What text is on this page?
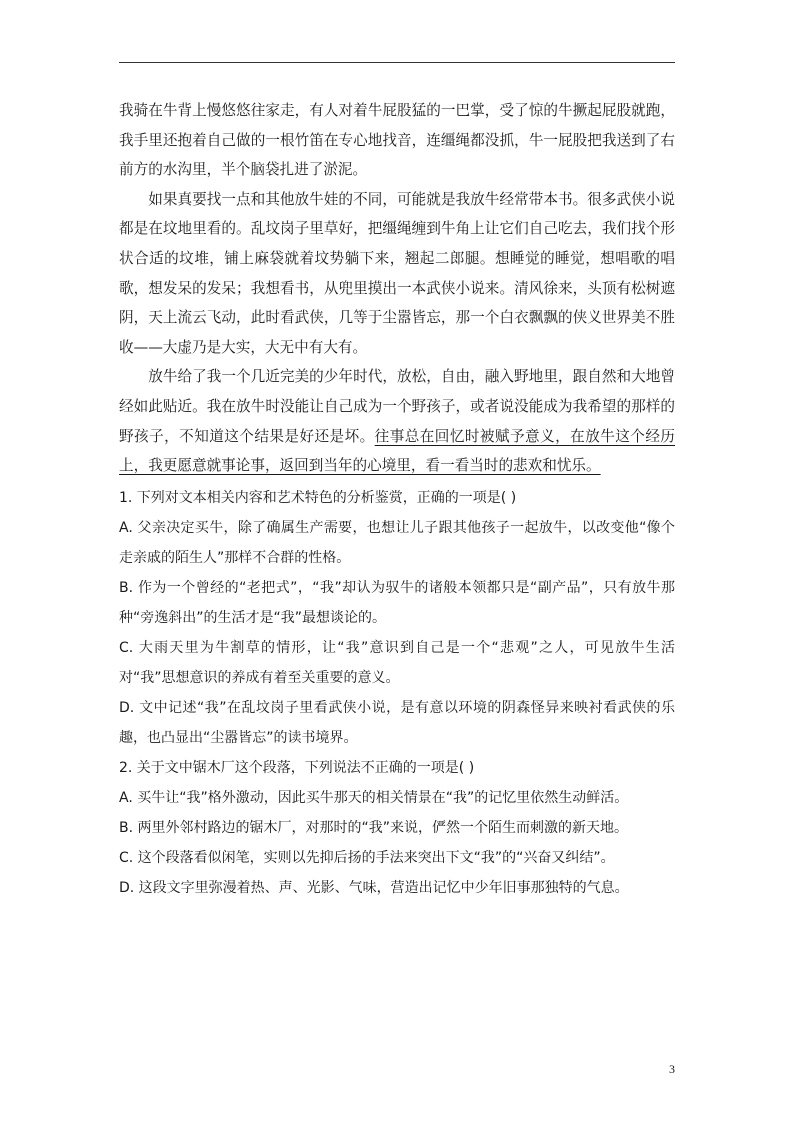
我骑在牛背上慢悠悠往家走，有人对着牛屁股猛的一巴掌，受了惊的牛撅起屁股就跑，我手里还抱着自己做的一根竹笛在专心地找音，连缰绳都没抓，牛一屁股把我送到了右前方的水沟里，半个脑袋扎进了淤泥。

如果真要找一点和其他放牛娃的不同，可能就是我放牛经常带本书。很多武侠小说都是在坟地里看的。乱坟岗子里草好，把缰绳缠到牛角上让它们自己吃去，我们找个形状合适的坟堆，铺上麻袋就着坟势躺下来，翘起二郎腿。想睡觉的睡觉，想唱歌的唱歌，想发呆的发呆；我想看书，从兜里摸出一本武侠小说来。清风徐来，头顶有松树遮阴，天上流云飞动，此时看武侠，几等于尘嚣皆忘，那一个白衣飘飘的侠义世界美不胜收——大虚乃是大实，大无中有大有。

放牛给了我一个几近完美的少年时代，放松，自由，融入野地里，跟自然和大地曾经如此贴近。我在放牛时没能让自己成为一个野孩子，或者说没能成为我希望的那样的野孩子，不知道这个结果是好还是坏。往事总在回忆时被赋予意义，在放牛这个经历上，我更愿意就事论事，返回到当年的心境里，看一看当时的悲欢和忧乐。

1. 下列对文本相关内容和艺术特色的分析鉴赏，正确的一项是( )

A. 父亲决定买牛，除了确属生产需要，也想让儿子跟其他孩子一起放牛，以改变他“像个走亲戚的陌生人”那样不合群的性格。

B. 作为一个曾经的“老把式”，“我”却认为驭牛的诸般本领都只是“副产品”，只有放牛那种“旁逸斜出”的生活才是“我”最想谈论的。

C. 大雨天里为牛割草的情形，让“我”意识到自己是一个“悲观”之人，可见放牛生活对“我”思想意识的养成有着至关重要的意义。

D. 文中记述“我”在乱坟岗子里看武侠小说，是有意以环境的阴森怪异来映衬看武侠的乐趣，也凸显出“尘嚣皆忘”的读书境界。

2. 关于文中锯木厂这个段落，下列说法不正确的一项是( )

A. 买牛让“我”格外激动，因此买牛那天的相关情景在“我”的记忆里依然生动鲜活。

B. 两里外邻村路边的锯木厂，对那时的“我”来说，俨然一个陌生而刺激的新天地。

C. 这个段落看似闲笔，实则以先抑后扬的手法来突出下文“我”的“兴奋又纠结”。

D. 这段文字里弥漫着热、声、光影、气味，营造出记忆中少年旧事那独特的气息。

3
